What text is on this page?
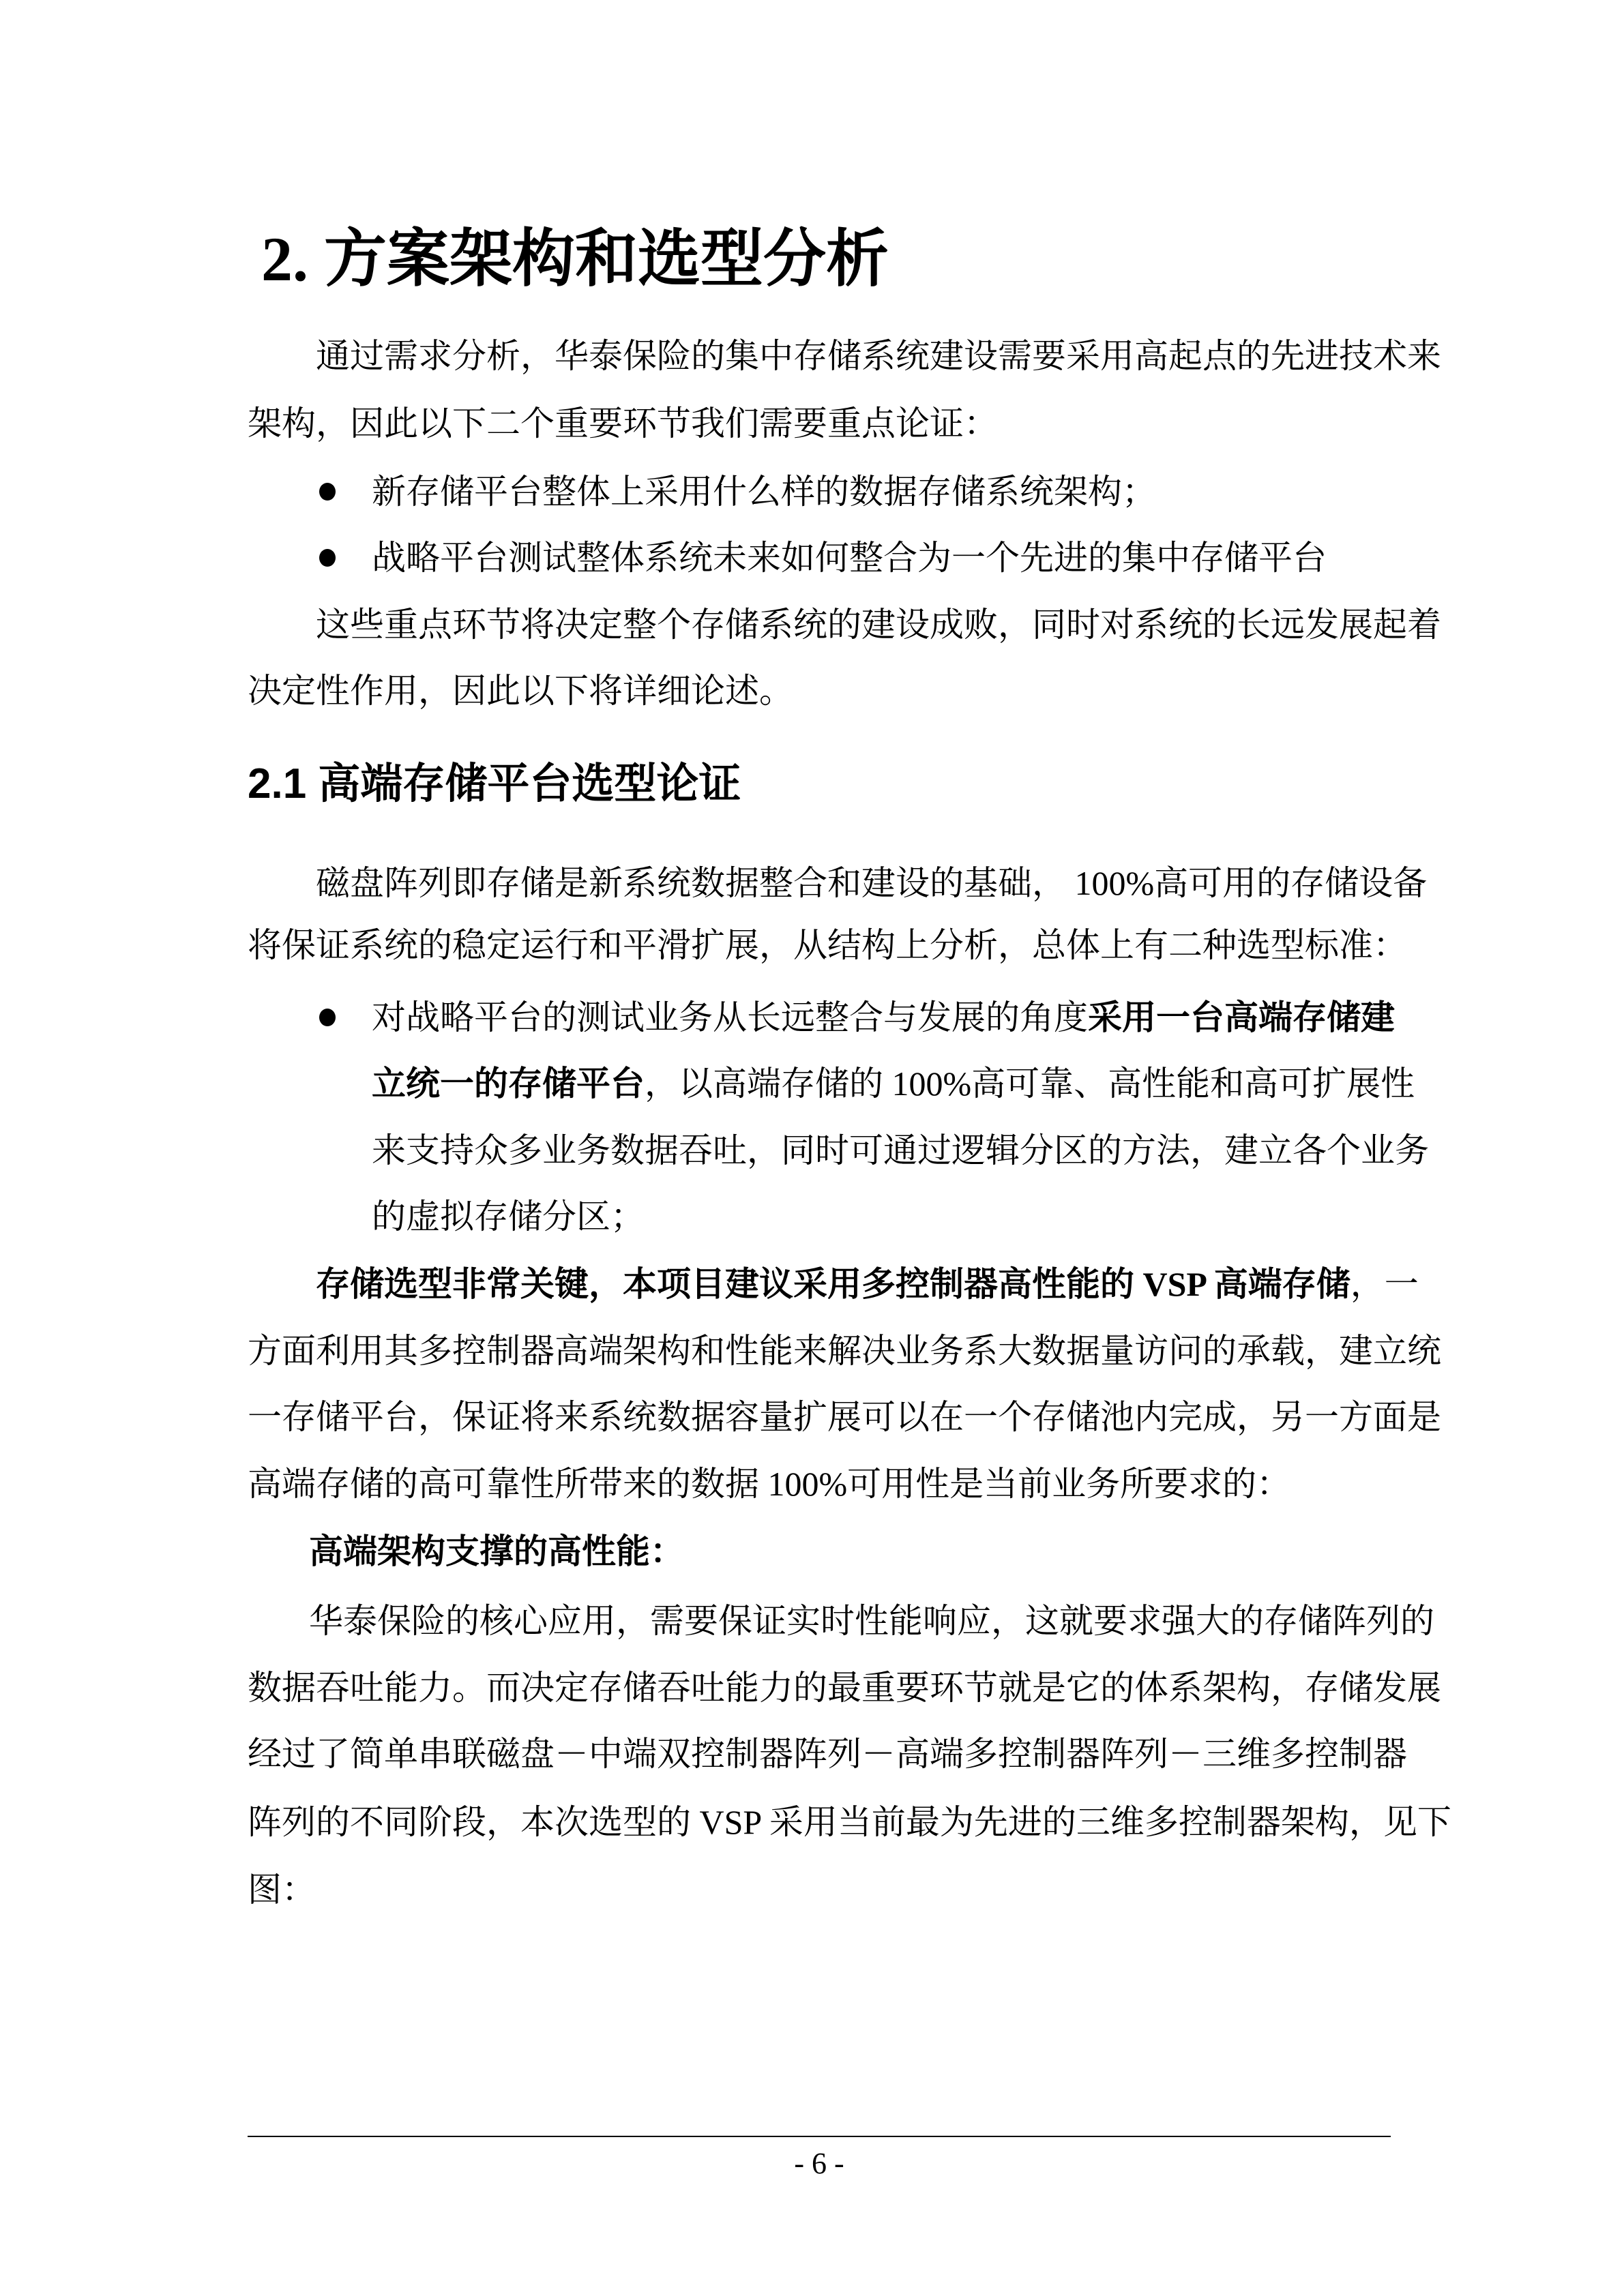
2. 方案架构和选型分析
通过需求分析，华泰保险的集中存储系统建设需要采用高起点的先进技术来
架构，因此以下二个重要环节我们需要重点论证：
新存储平台整体上采用什么样的数据存储系统架构；
战略平台测试整体系统未来如何整合为一个先进的集中存储平台
这些重点环节将决定整个存储系统的建设成败，同时对系统的长远发展起着
决定性作用，因此以下将详细论述。
2.1 高端存储平台选型论证
磁盘阵列即存储是新系统数据整合和建设的基础， 100%高可用的存储设备
将保证系统的稳定运行和平滑扩展，从结构上分析，总体上有二种选型标准：
对战略平台的测试业务从长远整合与发展的角度采用一台高端存储建
立统一的存储平台，以高端存储的 100%高可靠、高性能和高可扩展性
来支持众多业务数据吞吐，同时可通过逻辑分区的方法，建立各个业务
的虚拟存储分区；
存储选型非常关键，本项目建议采用多控制器高性能的 VSP 高端存储，一
方面利用其多控制器高端架构和性能来解决业务系大数据量访问的承载，建立统
一存储平台，保证将来系统数据容量扩展可以在一个存储池内完成，另一方面是
高端存储的高可靠性所带来的数据 100%可用性是当前业务所要求的：
高端架构支撑的高性能：
华泰保险的核心应用，需要保证实时性能响应，这就要求强大的存储阵列的
数据吞吐能力。而决定存储吞吐能力的最重要环节就是它的体系架构，存储发展
经过了简单串联磁盘－中端双控制器阵列－高端多控制器阵列－三维多控制器
阵列的不同阶段，本次选型的 VSP 采用当前最为先进的三维多控制器架构，见下
图：
- 6 -
